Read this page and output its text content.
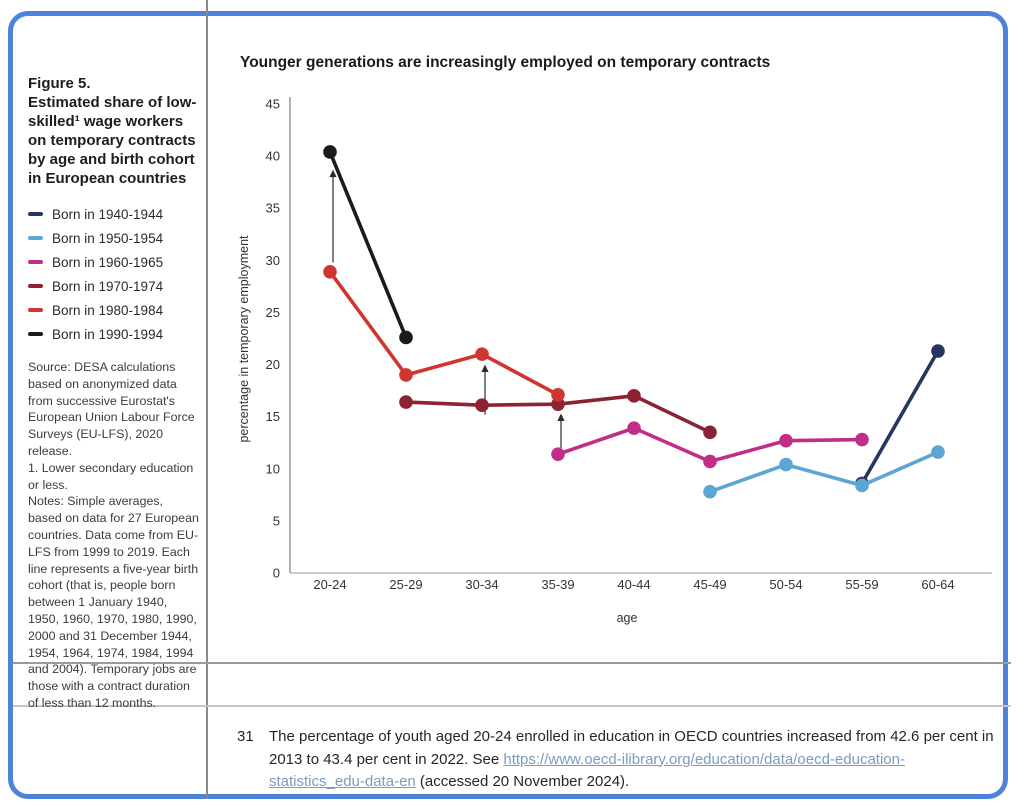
Figure 5.
Estimated share of low-skilled¹ wage workers on temporary contracts by age and birth cohort in European countries
Born in 1940-1944
Born in 1950-1954
Born in 1960-1965
Born in 1970-1974
Born in 1980-1984
Born in 1990-1994
Source: DESA calculations based on anonymized data from successive Eurostat's European Union Labour Force Surveys (EU-LFS), 2020 release.
1. Lower secondary education or less.
Notes: Simple averages, based on data for 27 European countries. Data come from EU-LFS from 1999 to 2019. Each line represents a five-year birth cohort (that is, people born between 1 January 1940, 1950, 1960, 1970, 1980, 1990, 2000 and 31 December 1944, 1954, 1964, 1974, 1984, 1994 and 2004). Temporary jobs are those with a contract duration of less than 12 months.
Younger generations are increasingly employed on temporary contracts
0
5
10
15
20
25
30
35
40
45
20-24	25-29	30-34	35-39	40-44	45-49	50-54	55-59	60-64
age
percentage in temporary employment
31 The percentage of youth aged 20-24 enrolled in education in OECD countries increased from 42.6 per cent in 2013 to 43.4 per cent in 2022. See https://www.oecd-ilibrary.org/education/data/oecd-education-statistics_edu-data-en (accessed 20 November 2024).
